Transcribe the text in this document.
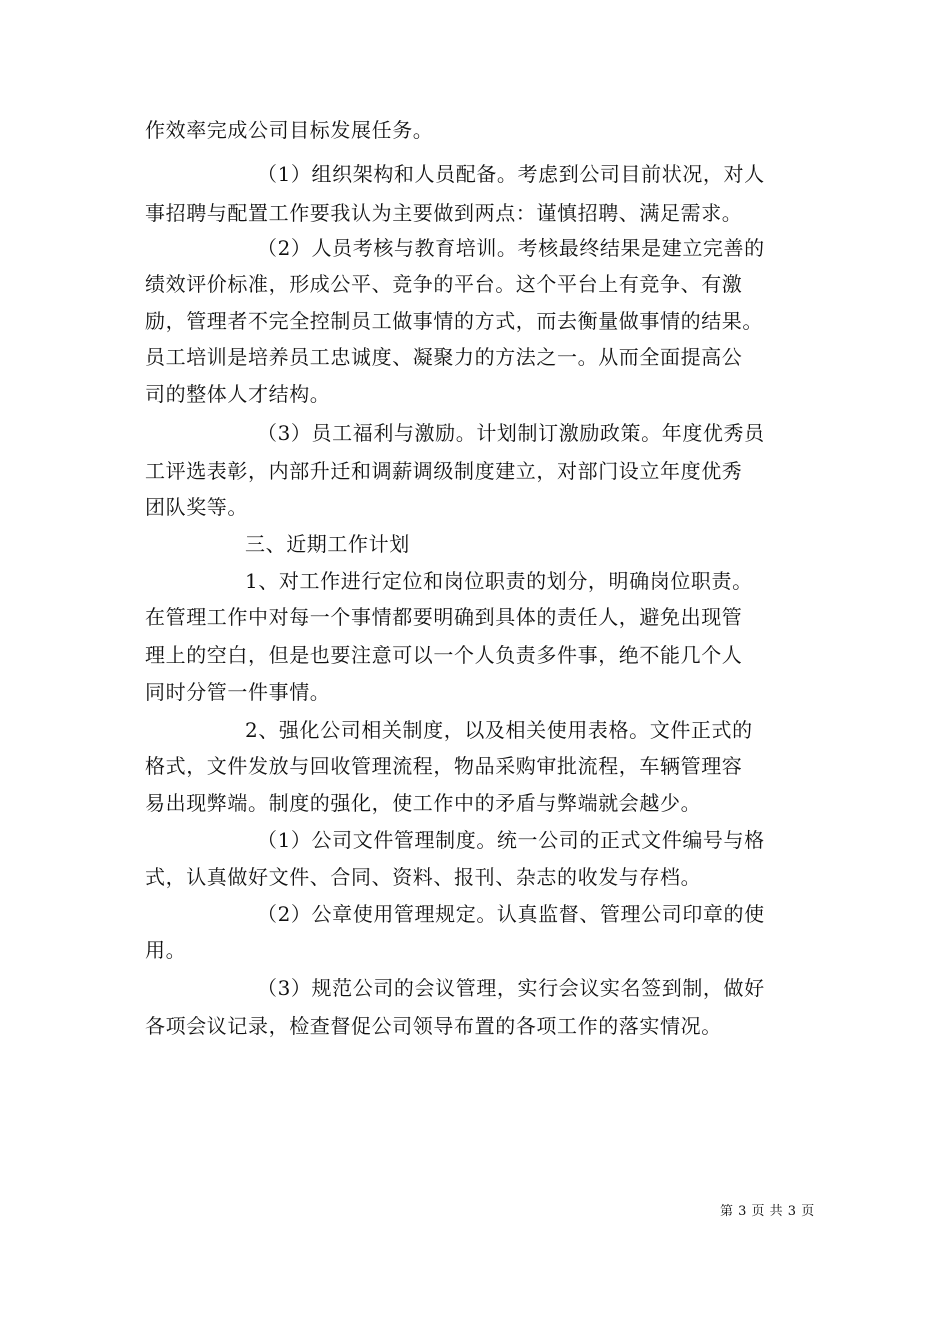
作效率完成公司目标发展任务。
（1）组织架构和人员配备。考虑到公司目前状况，对人
事招聘与配置工作要我认为主要做到两点：谨慎招聘、满足需求。
（2）人员考核与教育培训。考核最终结果是建立完善的
绩效评价标准，形成公平、竞争的平台。这个平台上有竞争、有激
励，管理者不完全控制员工做事情的方式，而去衡量做事情的结果。
员工培训是培养员工忠诚度、凝聚力的方法之一。从而全面提高公
司的整体人才结构。
（3）员工福利与激励。计划制订激励政策。年度优秀员
工评选表彰，内部升迁和调薪调级制度建立，对部门设立年度优秀
团队奖等。
三、近期工作计划
1、对工作进行定位和岗位职责的划分，明确岗位职责。
在管理工作中对每一个事情都要明确到具体的责任人，避免出现管
理上的空白，但是也要注意可以一个人负责多件事，绝不能几个人
同时分管一件事情。
2、强化公司相关制度，以及相关使用表格。文件正式的
格式，文件发放与回收管理流程，物品采购审批流程，车辆管理容
易出现弊端。制度的强化，使工作中的矛盾与弊端就会越少。
（1）公司文件管理制度。统一公司的正式文件编号与格
式，认真做好文件、合同、资料、报刊、杂志的收发与存档。
（2）公章使用管理规定。认真监督、管理公司印章的使
用。
（3）规范公司的会议管理，实行会议实名签到制，做好
各项会议记录，检查督促公司领导布置的各项工作的落实情况。
第 3 页 共 3 页
